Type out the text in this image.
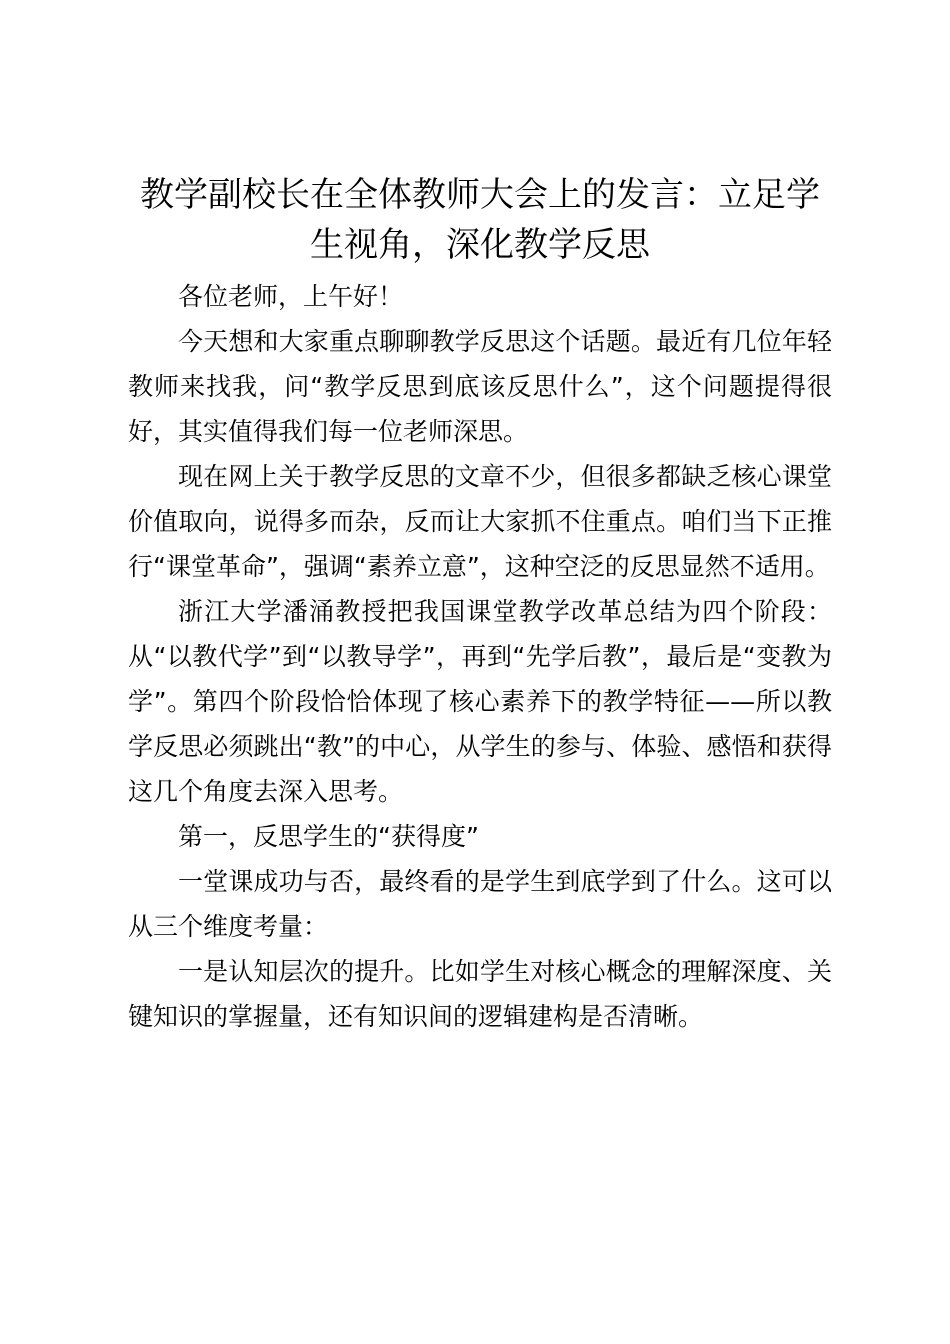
教学副校长在全体教师大会上的发言：立足学生视角，深化教学反思

各位老师，上午好！

今天想和大家重点聊聊教学反思这个话题。最近有几位年轻教师来找我，问“教学反思到底该反思什么”，这个问题提得很好，其实值得我们每一位老师深思。

现在网上关于教学反思的文章不少，但很多都缺乏核心课堂价值取向，说得多而杂，反而让大家抓不住重点。咱们当下正推行“课堂革命”，强调“素养立意”，这种空泛的反思显然不适用。

浙江大学潘涌教授把我国课堂教学改革总结为四个阶段：从“以教代学”到“以教导学”，再到“先学后教”，最后是“变教为学”。第四个阶段恰恰体现了核心素养下的教学特征——所以教学反思必须跳出“教”的中心，从学生的参与、体验、感悟和获得这几个角度去深入思考。

第一，反思学生的“获得度”

一堂课成功与否，最终看的是学生到底学到了什么。这可以从三个维度考量：

一是认知层次的提升。比如学生对核心概念的理解深度、关键知识的掌握量，还有知识间的逻辑建构是否清晰。
